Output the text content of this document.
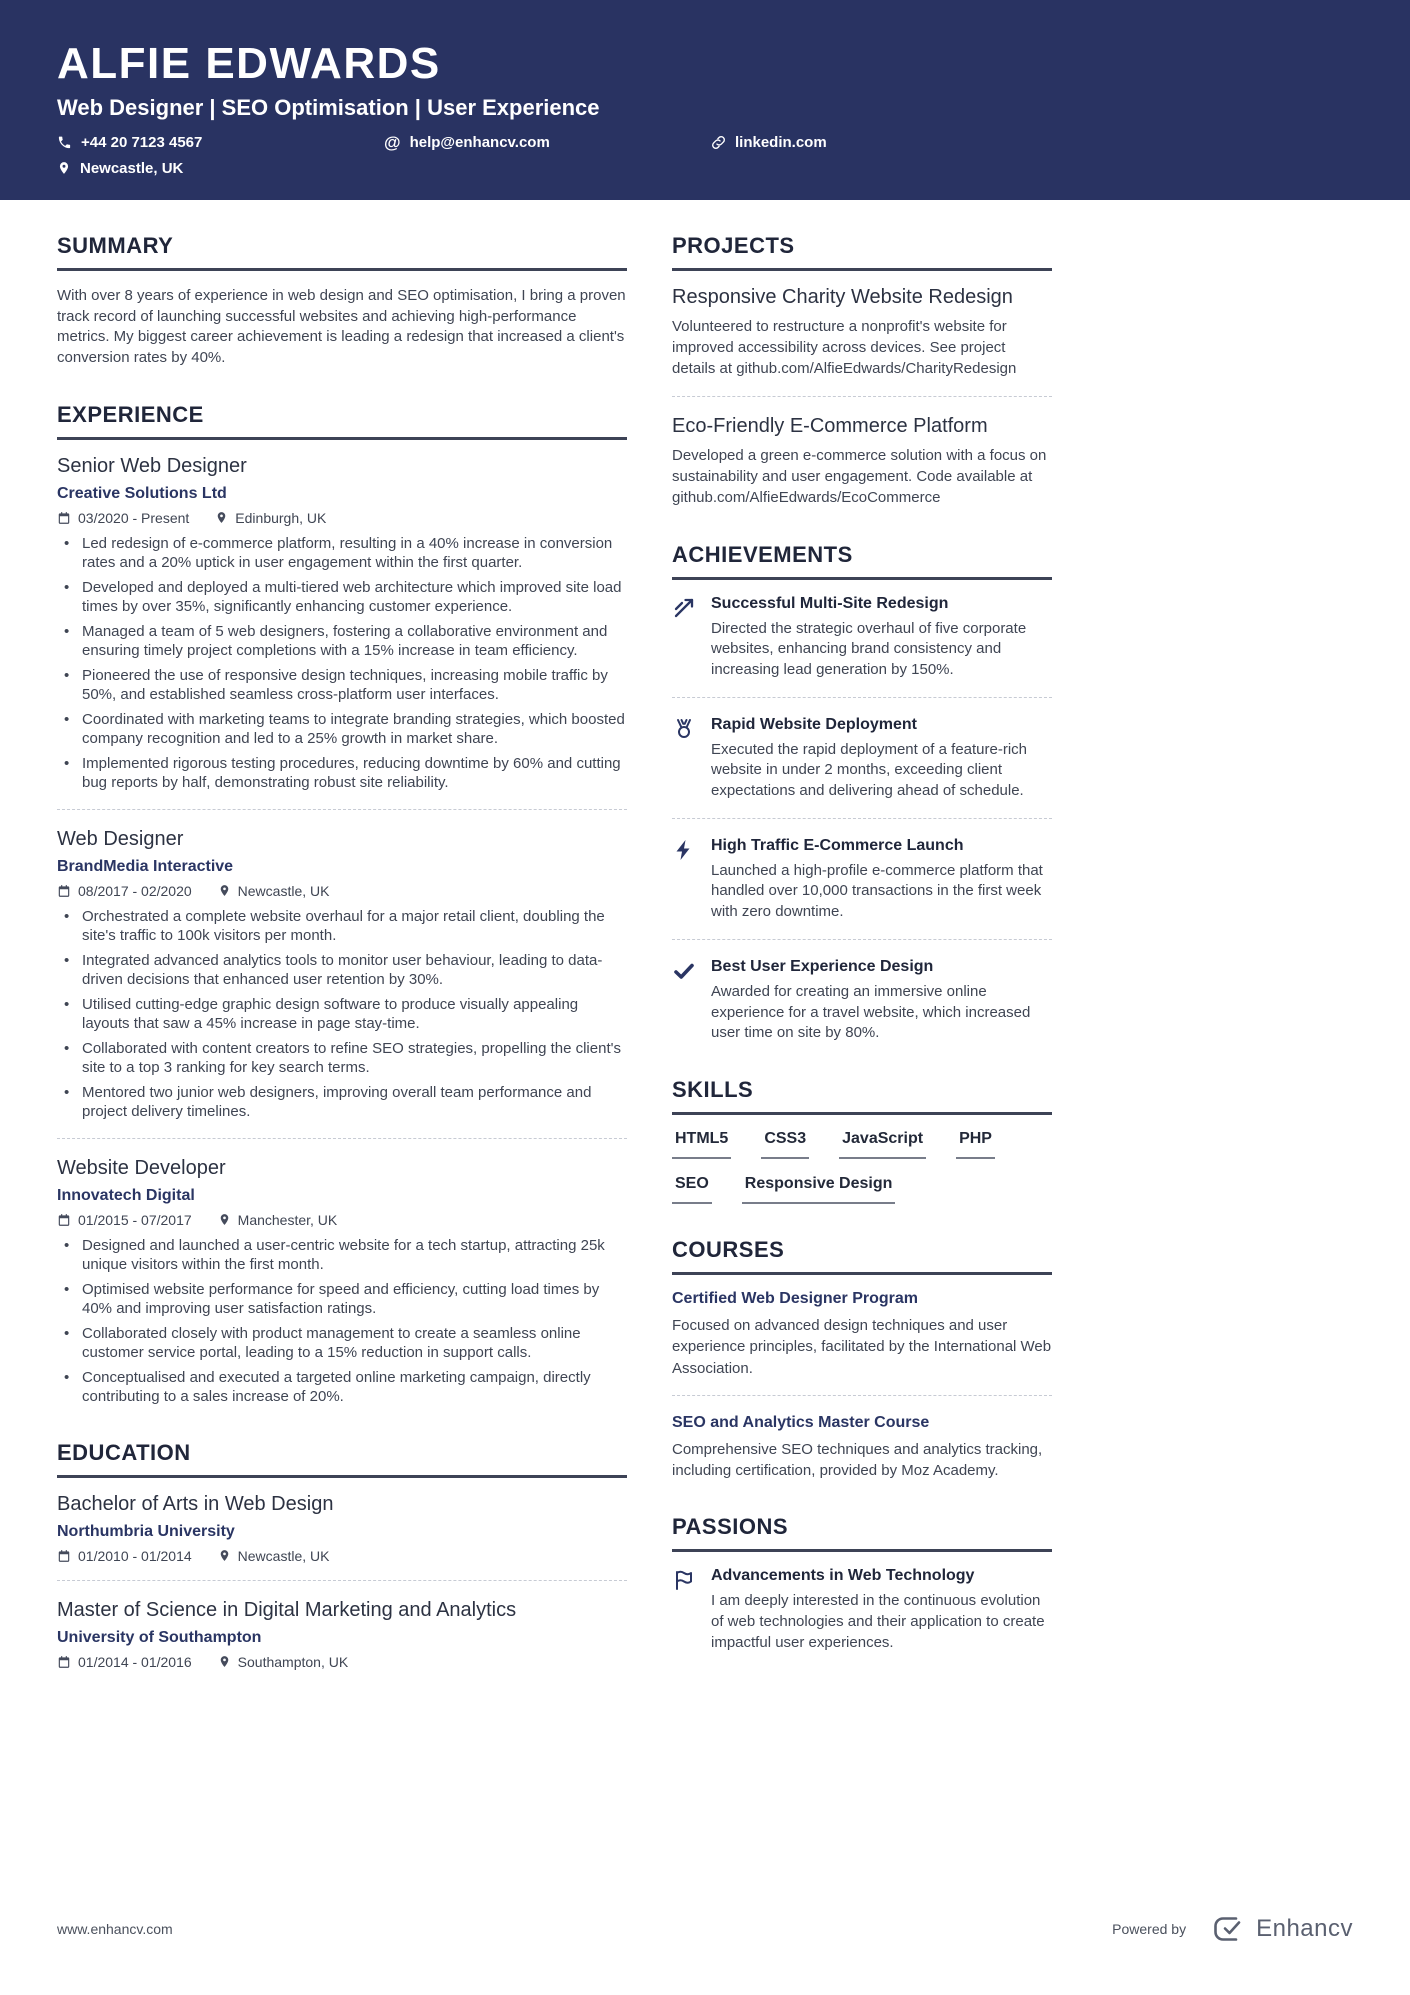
ALFIE EDWARDS
Web Designer | SEO Optimisation | User Experience
+44 20 7123 4567	@ help@enhancv.com	linkedin.com
Newcastle, UK
SUMMARY

With over 8 years of experience in web design and SEO optimisation, I bring a proven track record of launching successful websites and achieving high-performance metrics. My biggest career achievement is leading a redesign that increased a client's conversion rates by 40%.

EXPERIENCE
Senior Web Designer
Creative Solutions Ltd
03/2020 - Present	Edinburgh, UK
• Led redesign of e-commerce platform, resulting in a 40% increase in conversion rates and a 20% uptick in user engagement within the first quarter.
• Developed and deployed a multi-tiered web architecture which improved site load times by over 35%, significantly enhancing customer experience.
• Managed a team of 5 web designers, fostering a collaborative environment and ensuring timely project completions with a 15% increase in team efficiency.
• Pioneered the use of responsive design techniques, increasing mobile traffic by 50%, and established seamless cross-platform user interfaces.
• Coordinated with marketing teams to integrate branding strategies, which boosted company recognition and led to a 25% growth in market share.
• Implemented rigorous testing procedures, reducing downtime by 60% and cutting bug reports by half, demonstrating robust site reliability.
Web Designer
BrandMedia Interactive
08/2017 - 02/2020	Newcastle, UK
• Orchestrated a complete website overhaul for a major retail client, doubling the site's traffic to 100k visitors per month.
• Integrated advanced analytics tools to monitor user behaviour, leading to data-driven decisions that enhanced user retention by 30%.
• Utilised cutting-edge graphic design software to produce visually appealing layouts that saw a 45% increase in page stay-time.
• Collaborated with content creators to refine SEO strategies, propelling the client's site to a top 3 ranking for key search terms.
• Mentored two junior web designers, improving overall team performance and project delivery timelines.
Website Developer
Innovatech Digital
01/2015 - 07/2017	Manchester, UK
• Designed and launched a user-centric website for a tech startup, attracting 25k unique visitors within the first month.
• Optimised website performance for speed and efficiency, cutting load times by 40% and improving user satisfaction ratings.
• Collaborated closely with product management to create a seamless online customer service portal, leading to a 15% reduction in support calls.
• Conceptualised and executed a targeted online marketing campaign, directly contributing to a sales increase of 20%.
EDUCATION
Bachelor of Arts in Web Design
Northumbria University
01/2010 - 01/2014	Newcastle, UK
Master of Science in Digital Marketing and Analytics
University of Southampton
01/2014 - 01/2016	Southampton, UK
PROJECTS
Responsive Charity Website Redesign

Volunteered to restructure a nonprofit's website for improved accessibility across devices. See project details at github.com/AlfieEdwards/CharityRedesign

Eco-Friendly E-Commerce Platform

Developed a green e-commerce solution with a focus on sustainability and user engagement. Code available at github.com/AlfieEdwards/EcoCommerce

ACHIEVEMENTS
Successful Multi-Site Redesign
Directed the strategic overhaul of five corporate websites, enhancing brand consistency and increasing lead generation by 150%.
Rapid Website Deployment
Executed the rapid deployment of a feature-rich website in under 2 months, exceeding client expectations and delivering ahead of schedule.
High Traffic E-Commerce Launch
Launched a high-profile e-commerce platform that handled over 10,000 transactions in the first week with zero downtime.
Best User Experience Design
Awarded for creating an immersive online experience for a travel website, which increased user time on site by 80%.
SKILLS
HTML5 CSS3 JavaScript PHP
SEO Responsive Design
COURSES
Certified Web Designer Program

Focused on advanced design techniques and user experience principles, facilitated by the International Web Association.

SEO and Analytics Master Course

Comprehensive SEO techniques and analytics tracking, including certification, provided by Moz Academy.

PASSIONS
Advancements in Web Technology
I am deeply interested in the continuous evolution of web technologies and their application to create impactful user experiences.
www.enhancv.com	Powered by	Enhancv
